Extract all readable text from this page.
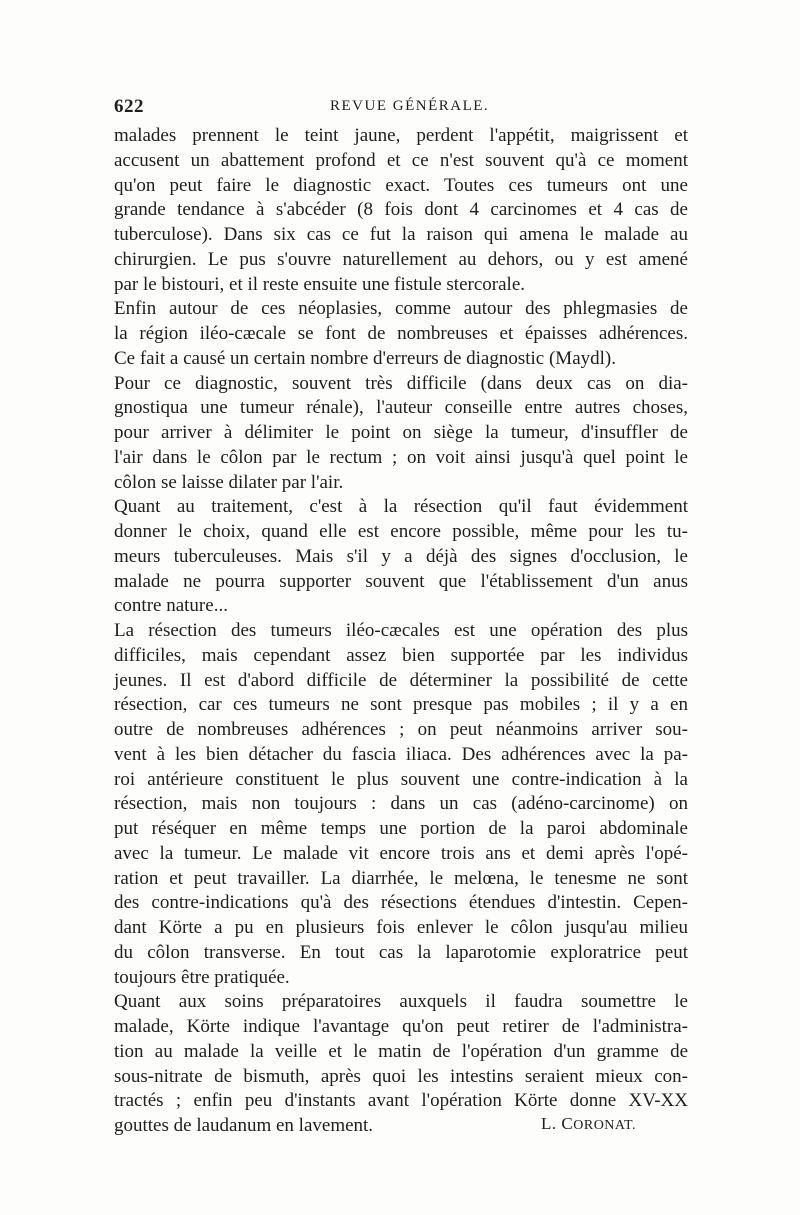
622	REVUE GÉNÉRALE.
malades prennent le teint jaune, perdent l'appétit, maigrissent et
accusent un abattement profond et ce n'est souvent qu'à ce moment
qu'on peut faire le diagnostic exact. Toutes ces tumeurs ont une
grande tendance à s'abcéder (8 fois dont 4 carcinomes et 4 cas de
tuberculose). Dans six cas ce fut la raison qui amena le malade au
chirurgien. Le pus s'ouvre naturellement au dehors, ou y est amené
par le bistouri, et il reste ensuite une fistule stercorale.
Enfin autour de ces néoplasies, comme autour des phlegmasies de
la région iléo-cæcale se font de nombreuses et épaisses adhérences.
Ce fait a causé un certain nombre d'erreurs de diagnostic (Maydl).
Pour ce diagnostic, souvent très difficile (dans deux cas on dia-
gnostiqua une tumeur rénale), l'auteur conseille entre autres choses,
pour arriver à délimiter le point on siège la tumeur, d'insuffler de
l'air dans le côlon par le rectum ; on voit ainsi jusqu'à quel point le
côlon se laisse dilater par l'air.
Quant au traitement, c'est à la résection qu'il faut évidemment
donner le choix, quand elle est encore possible, même pour les tu-
meurs tuberculeuses. Mais s'il y a déjà des signes d'occlusion, le
malade ne pourra supporter souvent que l'établissement d'un anus
contre nature...
La résection des tumeurs iléo-cæcales est une opération des plus
difficiles, mais cependant assez bien supportée par les individus
jeunes. Il est d'abord difficile de déterminer la possibilité de cette
résection, car ces tumeurs ne sont presque pas mobiles ; il y a en
outre de nombreuses adhérences ; on peut néanmoins arriver sou-
vent à les bien détacher du fascia iliaca. Des adhérences avec la pa-
roi antérieure constituent le plus souvent une contre-indication à la
résection, mais non toujours : dans un cas (adéno-carcinome) on
put réséquer en même temps une portion de la paroi abdominale
avec la tumeur. Le malade vit encore trois ans et demi après l'opé-
ration et peut travailler. La diarrhée, le melœna, le tenesme ne sont
des contre-indications qu'à des résections étendues d'intestin. Cepen-
dant Körte a pu en plusieurs fois enlever le côlon jusqu'au milieu
du côlon transverse. En tout cas la laparotomie exploratrice peut
toujours être pratiquée.
Quant aux soins préparatoires auxquels il faudra soumettre le
malade, Körte indique l'avantage qu'on peut retirer de l'administra-
tion au malade la veille et le matin de l'opération d'un gramme de
sous-nitrate de bismuth, après quoi les intestins seraient mieux con-
tractés ; enfin peu d'instants avant l'opération Körte donne XV-XX
gouttes de laudanum en lavement.	L. CORONAT.
